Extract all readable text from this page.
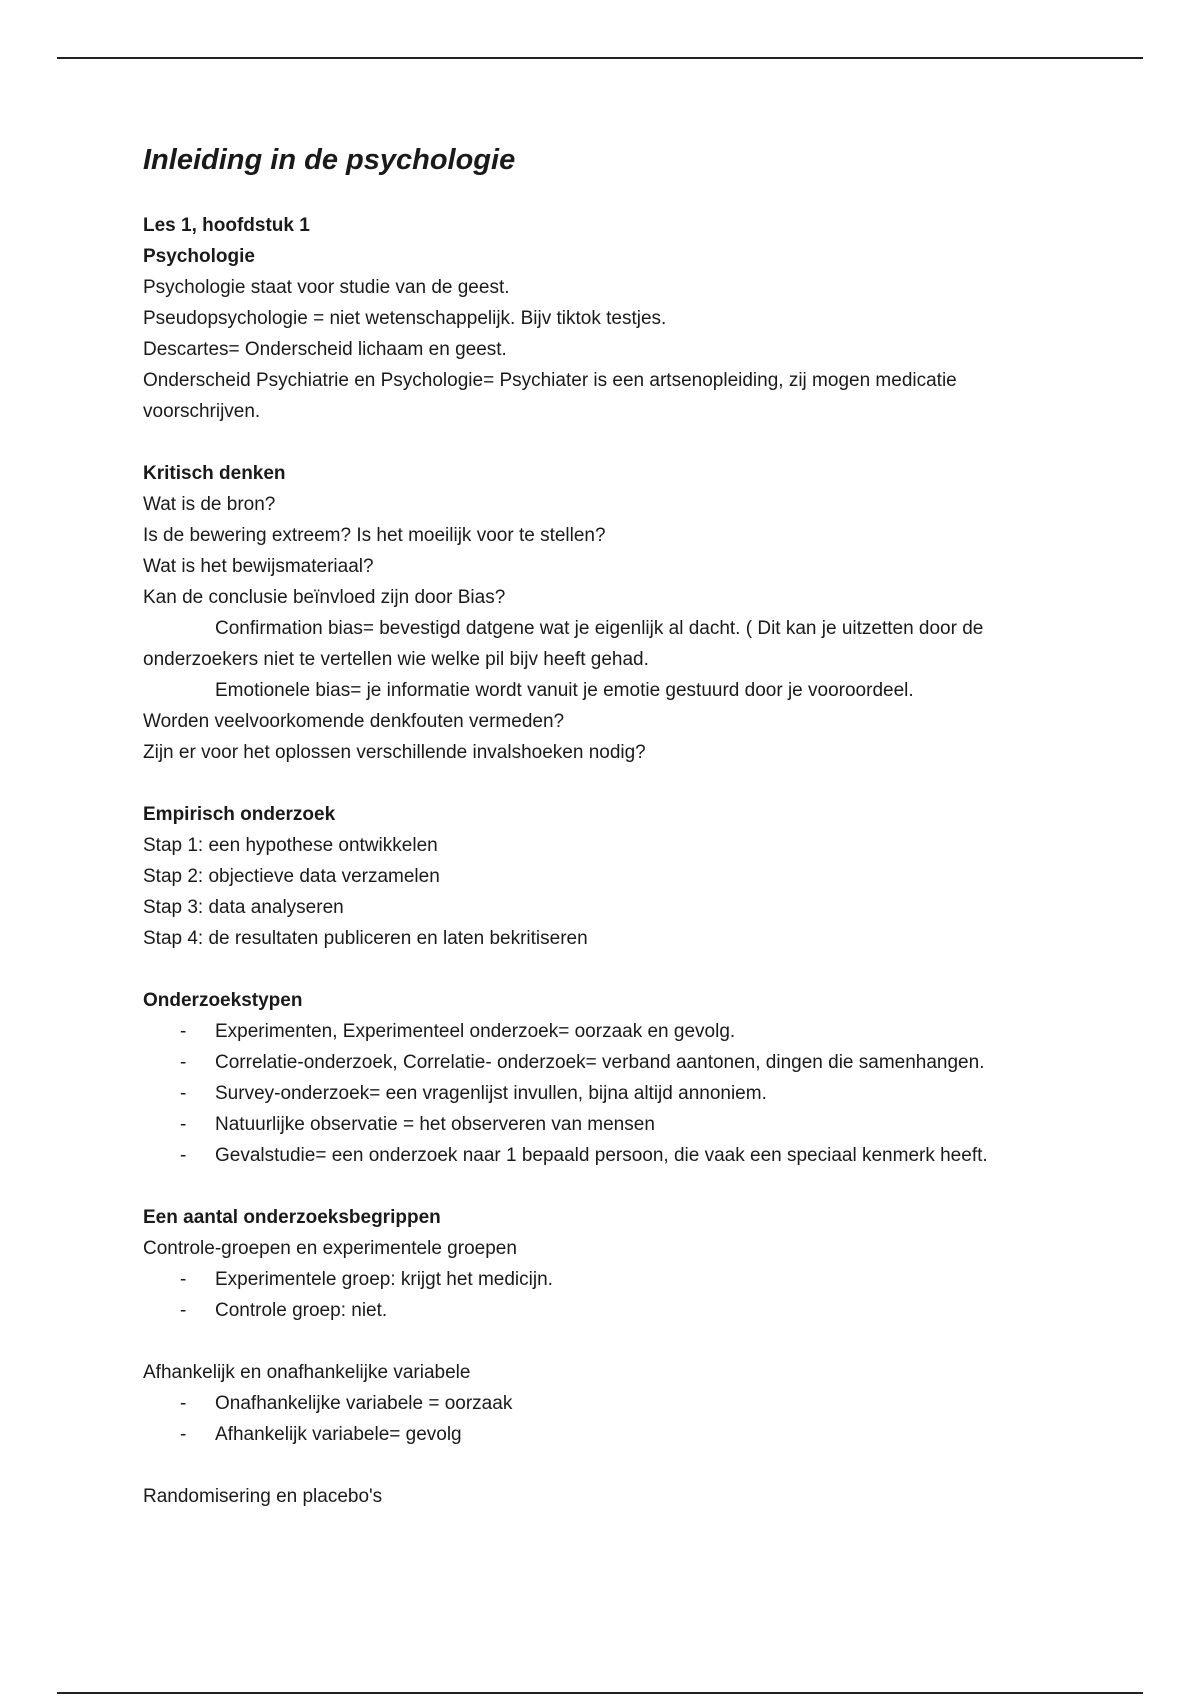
Inleiding in de psychologie
Les 1, hoofdstuk 1
Psychologie
Psychologie staat voor studie van de geest.
Pseudopsychologie = niet wetenschappelijk. Bijv tiktok testjes.
Descartes= Onderscheid lichaam en geest.
Onderscheid Psychiatrie en Psychologie= Psychiater is een artsenopleiding, zij mogen medicatie voorschrijven.
Kritisch denken
Wat is de bron?
Is de bewering extreem? Is het moeilijk voor te stellen?
Wat is het bewijsmateriaal?
Kan de conclusie beïnvloed zijn door Bias?
Confirmation bias= bevestigd datgene wat je eigenlijk al dacht. ( Dit kan je uitzetten door de onderzoekers niet te vertellen wie welke pil bijv heeft gehad.
Emotionele bias= je informatie wordt vanuit je emotie gestuurd door je vooroordeel.
Worden veelvoorkomende denkfouten vermeden?
Zijn er voor het oplossen verschillende invalshoeken nodig?
Empirisch onderzoek
Stap 1: een hypothese ontwikkelen
Stap 2: objectieve data verzamelen
Stap 3: data analyseren
Stap 4: de resultaten publiceren en laten bekritiseren
Onderzoekstypen
-	Experimenten, Experimenteel onderzoek= oorzaak en gevolg.
-	Correlatie-onderzoek, Correlatie- onderzoek= verband aantonen, dingen die samenhangen.
-	Survey-onderzoek= een vragenlijst invullen, bijna altijd annoniem.
-	Natuurlijke observatie = het observeren van mensen
-	Gevalstudie= een onderzoek naar 1 bepaald persoon, die vaak een speciaal kenmerk heeft.
Een aantal onderzoeksbegrippen
Controle-groepen en experimentele groepen
-	Experimentele groep: krijgt het medicijn.
-	Controle groep: niet.
Afhankelijk en onafhankelijke variabele
-	Onafhankelijke variabele = oorzaak
-	Afhankelijk variabele= gevolg
Randomisering en placebo's
